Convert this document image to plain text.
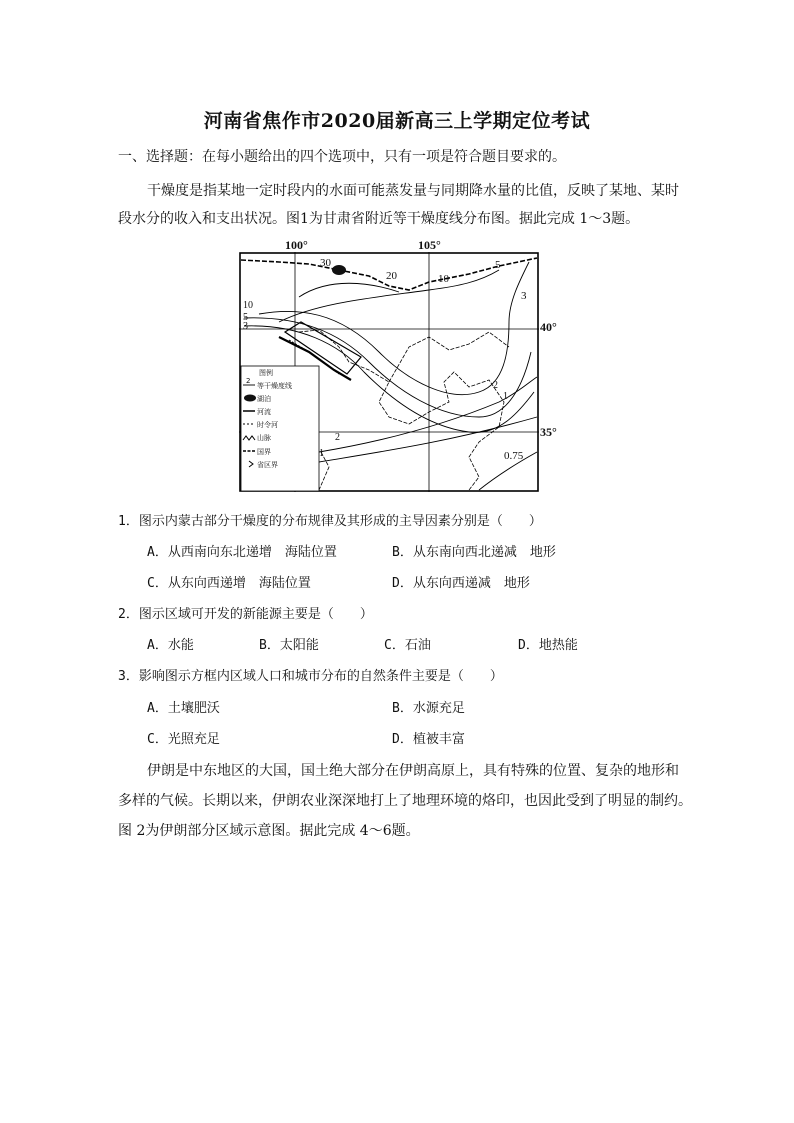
河南省焦作市2020届新高三上学期定位考试
一、选择题：在每小题给出的四个选项中，只有一项是符合题目要求的。
干燥度是指某地一定时段内的水面可能蒸发量与同期降水量的比值，反映了某地、某时
段水分的收入和支出状况。图1为甘肃省附近等干燥度线分布图。据此完成 1～3题。
100°	105°
30
20	10
5
3
10
5
3
2
1
2
1	0.75
图例
2
等干燥度线
湖泊
河流
时令河
山脉
国界
省区界
40°
35°
1．图示内蒙古部分干燥度的分布规律及其形成的主导因素分别是（　　）
A．从西南向东北递增　海陆位置	B．从东南向西北递减　地形
C．从东向西递增　海陆位置	D．从东向西递减　地形
2．图示区域可开发的新能源主要是（　　）
A．水能	B．太阳能	C．石油	D．地热能
3．影响图示方框内区域人口和城市分布的自然条件主要是（　　）
A．土壤肥沃	B．水源充足
C．光照充足	D．植被丰富
伊朗是中东地区的大国，国土绝大部分在伊朗高原上，具有特殊的位置、复杂的地形和
多样的气候。长期以来，伊朗农业深深地打上了地理环境的烙印，也因此受到了明显的制约。
图 2为伊朗部分区域示意图。据此完成 4～6题。
